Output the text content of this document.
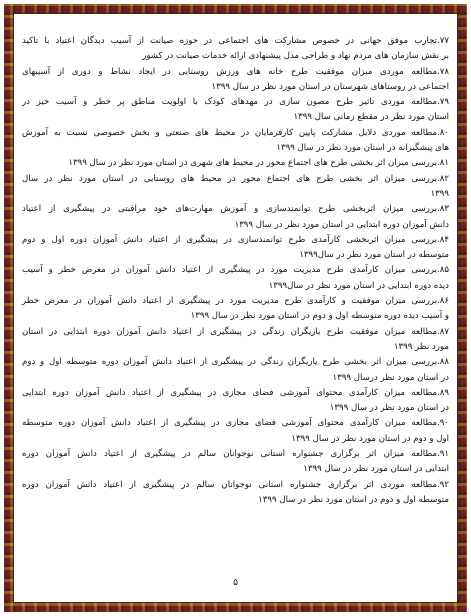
۷۷.تجارب موفق جهانی در خصوص مشارکت های اجتماعی در حوزه صیانت از آسیب دیدگان اعتیاد با تاکید

بر نقش سازمان های مردم نهاد و طراحی مدل پیشنهادی ارائه خدمات صیانت در کشور

۷۸.مطالعه موردی میزان موفقیت طرح خانه های ورزش روستایی در ایجاد نشاط و دوری از آسیبهای

اجتماعی در روستاهای شهرستان در استان مورد نظر در سال ۱۳۹۹

۷۹.مطالعه موردی تاثیر طرح مصون سازی در مهدهای کودک با اولویت مناطق پر خطر و آسیب خیز در

استان مورد نظر در مقطع زمانی سال ۱۳۹۹

۸۰.مطالعه موردی دلایل مشارکت پایین کارفرمایان در محیط های صنعتی و بخش خصوصی نسبت به آموزش

های پیشگیرانه در استان مورد نظر در سال ۱۳۹۹

۸۱.بررسی میزان اثر بخشی طرح های اجتماع محور در محیط های شهری در استان مورد نظر در سال ۱۳۹۹

۸۲.بررسی میزان اثر بخشی طرح های اجتماع محور در محیط های روستایی در استان مورد نظر در سال

۱۳۹۹

۸۳.بررسی میزان اثربخشی طرح توانمندسازی و آموزش مهارت‌های خود مراقبتی در پیشگیری از اعتیاد

دانش آموزان دوره ابتدایی در استان مورد نظر در سال ۱۳۹۹

۸۴.بررسی میزان اثربخشی کارآمدی طرح توانمندسازی در پیشگیری از اعتیاد دانش آموزان دوره اول و دوم

متوسطه در استان مورد نظر در سال۱۳۹۹

۸۵.بررسی میزان کارآمدی طرح مدیریت مورد در پیشگیری از اعتیاد دانش آموزان در معرض خطر و آسیب

دیده دوره ابتدایی در استان مورد نظر در سال۱۳۹۹

۸۶.بررسی میزان موفقیت و کارآمدی طرح مدیریت مورد در پیشگیری از اعتیاد دانش آموزان در معرض خطر

و آسیب دیده دوره متوسطه اول و دوم در استان مورد نظر در سال ۱۳۹۹

۸۷.مطالعه میزان موفقیت طرح یاریگران زندگی در پیشگیری از اعتیاد دانش آموزان دوره ابتدایی در استان

مورد نظر ۱۳۹۹

۸۸.بررسی میزان اثر بخشی طرح یاریگران زندگی در پیشگیری از اعتیاد دانش آموزان دوره متوسطه اول و دوم

در استان مورد نظر درسال ۱۳۹۹

۸۹.مطالعه میزان کارآمدی محتوای آموزشی فضای مجازی در پیشگیری از اعتیاد دانش آموزان دوره ابتدایی

در استان مورد نظر در سال ۱۳۹۹

۹۰.مطالعه میزان کارآمدی محتوای آموزشی فضای مجازی در پیشگیری از اعتیاد دانش آموزان دوره متوسطه

اول و دوم در استان مورد نظر در سال ۱۳۹۹

۹۱.مطالعه میزان اثر برگزاری جشنواره استانی نوجوانان سالم در پیشگیری از اعتیاد دانش آموزان دوره

ابتدایی در استان مورد نظر در سال ۱۳۹۹

۹۲.مطالعه موردی اثر برگزاری جشنواره استانی نوجوانان سالم در پیشگیری از اعتیاد دانش آموزان دوره

متوسطه اول و دوم در استان مورد نظر در سال ۱۳۹۹

۵
